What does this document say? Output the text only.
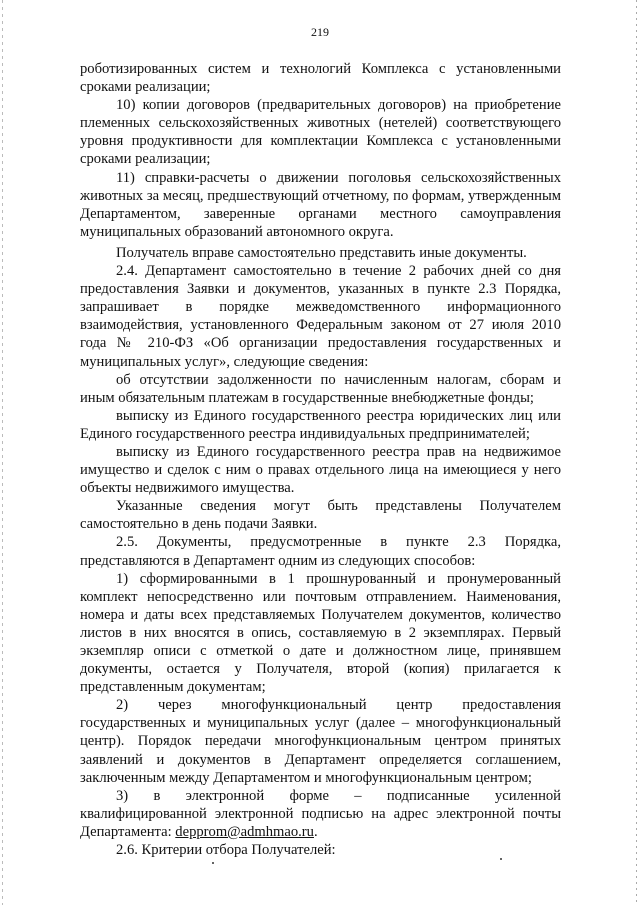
219

роботизированных систем и технологий Комплекса с установленными сроками реализации;

10) копии договоров (предварительных договоров) на приобретение племенных сельскохозяйственных животных (нетелей) соответствующего уровня продуктивности для комплектации Комплекса с установленными сроками реализации;

11) справки-расчеты о движении поголовья сельскохозяйственных животных за месяц, предшествующий отчетному, по формам, утвержденным Департаментом, заверенные органами местного самоуправления муниципальных образований автономного округа.

Получатель вправе самостоятельно представить иные документы.

2.4. Департамент самостоятельно в течение 2 рабочих дней со дня предоставления Заявки и документов, указанных в пункте 2.3 Порядка, запрашивает в порядке межведомственного информационного взаимодействия, установленного Федеральным законом от 27 июля 2010 года № 210-ФЗ «Об организации предоставления государственных и муниципальных услуг», следующие сведения:

об отсутствии задолженности по начисленным налогам, сборам и иным обязательным платежам в государственные внебюджетные фонды;

выписку из Единого государственного реестра юридических лиц или Единого государственного реестра индивидуальных предпринимателей;

выписку из Единого государственного реестра прав на недвижимое имущество и сделок с ним о правах отдельного лица на имеющиеся у него объекты недвижимого имущества.

Указанные сведения могут быть представлены Получателем самостоятельно в день подачи Заявки.

2.5. Документы, предусмотренные в пункте 2.3 Порядка, представляются в Департамент одним из следующих способов:

1) сформированными в 1 прошнурованный и пронумерованный комплект непосредственно или почтовым отправлением. Наименования, номера и даты всех представляемых Получателем документов, количество листов в них вносятся в опись, составляемую в 2 экземплярах. Первый экземпляр описи с отметкой о дате и должностном лице, принявшем документы, остается у Получателя, второй (копия) прилагается к представленным документам;

2) через многофункциональный центр предоставления государственных и муниципальных услуг (далее – многофункциональный центр). Порядок передачи многофункциональным центром принятых заявлений и документов в Департамент определяется соглашением, заключенным между Департаментом и многофункциональным центром;

3) в электронной форме – подписанные усиленной квалифицированной электронной подписью на адрес электронной почты Департамента: depprom@admhmao.ru.

2.6. Критерии отбора Получателей:
